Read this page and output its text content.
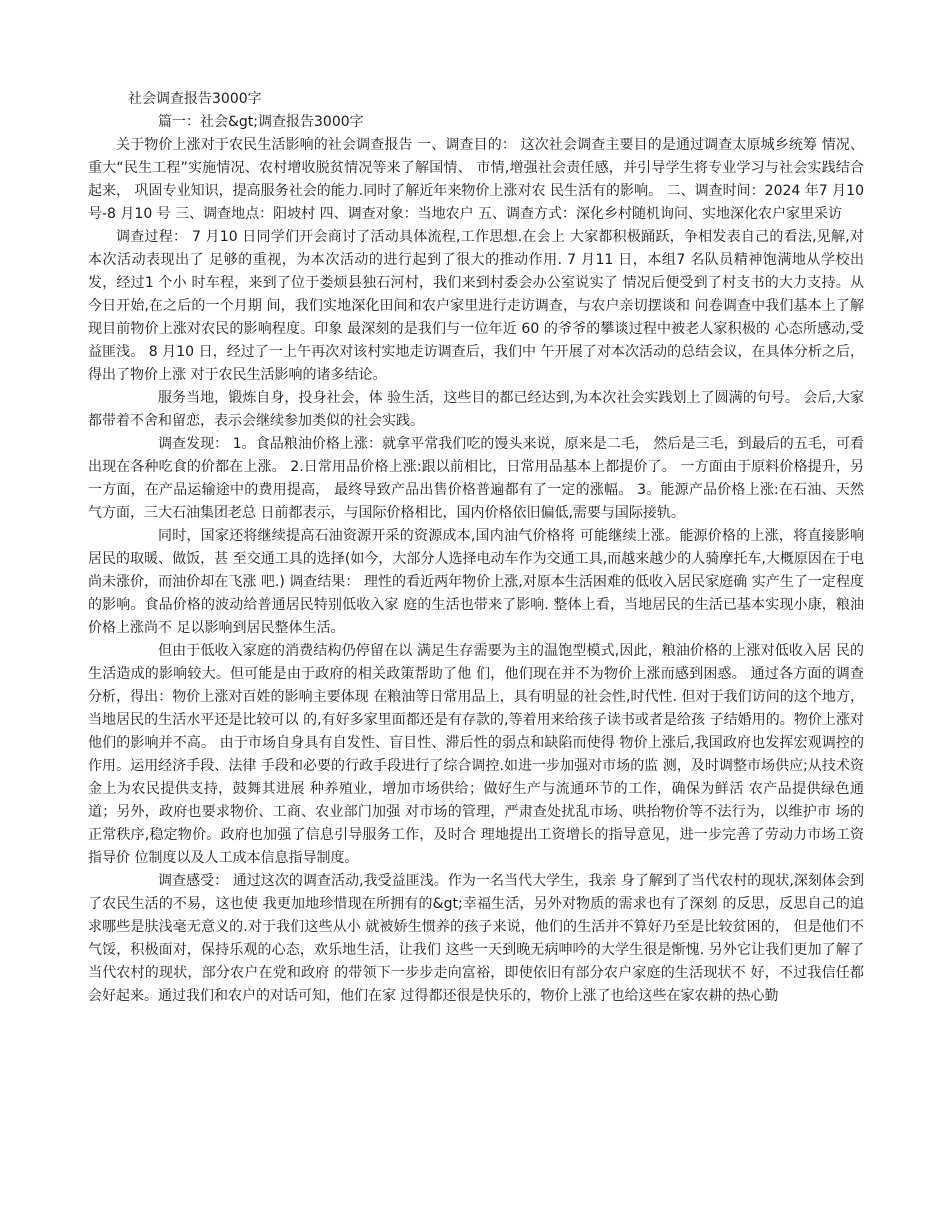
社会调查报告3000字

篇一：社会&gt;调查报告3000字

关于物价上涨对于农民生活影响的社会调查报告 一、调查目的： 这次社会调查主要目的是通过调查太原城乡统筹 情况、重大“民生工程”实施情况、农村增收脱贫情况等来了解国情、 市情,增强社会责任感，并引导学生将专业学习与社会实践结合起来， 巩固专业知识，提高服务社会的能力.同时了解近年来物价上涨对农 民生活有的影响。 二、调查时间：2024 年7 月10 号-8 月10 号 三、调查地点：阳坡村 四、调查对象：当地农户 五、调查方式：深化乡村随机询问、实地深化农户家里采访

调查过程： 7 月10 日同学们开会商讨了活动具体流程,工作思想.在会上 大家都积极踊跃，争相发表自己的看法,见解,对本次活动表现出了 足够的重视，为本次活动的进行起到了很大的推动作用. 7 月11 日，本组7 名队员精神饱满地从学校出发，经过1 个小 时车程，来到了位于娄烦县独石河村，我们来到村委会办公室说实了 情况后便受到了村支书的大力支持。从今日开始,在之后的一个月期 间，我们实地深化田间和农户家里进行走访调查，与农户亲切摆谈和 问卷调查中我们基本上了解现目前物价上涨对农民的影响程度。印象 最深刻的是我们与一位年近 60 的爷爷的攀谈过程中被老人家积极的 心态所感动,受益匪浅。 8 月10 日，经过了一上午再次对该村实地走访调查后，我们中 午开展了对本次活动的总结会议，在具体分析之后，得出了物价上涨 对于农民生活影响的诸多结论。

服务当地，锻炼自身，投身社会，体 验生活，这些目的都已经达到,为本次社会实践划上了圆满的句号。 会后,大家都带着不舍和留恋，表示会继续参加类似的社会实践。

调查发现： 1。食品粮油价格上涨：就拿平常我们吃的馒头来说，原来是二毛， 然后是三毛，到最后的五毛，可看出现在各种吃食的价都在上涨。 2.日常用品价格上涨:跟以前相比，日常用品基本上都提价了。 一方面由于原料价格提升，另一方面，在产品运输途中的费用提高， 最终导致产品出售价格普遍都有了一定的涨幅。 3。能源产品价格上涨:在石油、天然气方面，三大石油集团老总 日前都表示，与国际价格相比，国内价格依旧偏低,需要与国际接轨。

同时，国家还将继续提高石油资源开采的资源成本,国内油气价格将 可能继续上涨。能源价格的上涨，将直接影响居民的取暖、做饭，甚 至交通工具的选择(如今，大部分人选择电动车作为交通工具,而越来越少的人骑摩托车,大概原因在于电尚未涨价，而油价却在飞涨 吧.) 调查结果： 理性的看近两年物价上涨,对原本生活困难的低收入居民家庭确 实产生了一定程度的影响。食品价格的波动给普通居民特别低收入家 庭的生活也带来了影响. 整体上看，当地居民的生活已基本实现小康，粮油价格上涨尚不 足以影响到居民整体生活。

但由于低收入家庭的消费结构仍停留在以 满足生存需要为主的温饱型模式,因此，粮油价格的上涨对低收入居 民的生活造成的影响较大。但可能是由于政府的相关政策帮助了他 们，他们现在并不为物价上涨而感到困惑。 通过各方面的调查分析，得出：物价上涨对百姓的影响主要体现 在粮油等日常用品上，具有明显的社会性,时代性. 但对于我们访问的这个地方，当地居民的生活水平还是比较可以 的,有好多家里面都还是有存款的,等着用来给孩子读书或者是给孩 子结婚用的。物价上涨对他们的影响并不高。 由于市场自身具有自发性、盲目性、滞后性的弱点和缺陷而使得 物价上涨后,我国政府也发挥宏观调控的作用。运用经济手段、法律 手段和必要的行政手段进行了综合调控.如进一步加强对市场的监 测，及时调整市场供应;从技术资金上为农民提供支持，鼓舞其进展 种养殖业，增加市场供给；做好生产与流通环节的工作，确保为鲜活 农产品提供绿色通道；另外，政府也要求物价、工商、农业部门加强 对市场的管理，严肃查处扰乱市场、哄抬物价等不法行为，以维护市 场的正常秩序,稳定物价。政府也加强了信息引导服务工作，及时合 理地提出工资增长的指导意见，进一步完善了劳动力市场工资指导价 位制度以及人工成本信息指导制度。

调查感受： 通过这次的调查活动,我受益匪浅。作为一名当代大学生，我亲 身了解到了当代农村的现状,深刻体会到了农民生活的不易，这也使 我更加地珍惜现在所拥有的&gt;幸福生活，另外对物质的需求也有了深刻 的反思，反思自己的追求哪些是肤浅毫无意义的.对于我们这些从小 就被娇生惯养的孩子来说，他们的生活并不算好乃至是比较贫困的， 但是他们不气馁，积极面对，保持乐观的心态，欢乐地生活，让我们 这些一天到晚无病呻吟的大学生很是惭愧. 另外它让我们更加了解了当代农村的现状，部分农户在党和政府 的带领下一步步走向富裕，即使依旧有部分农户家庭的生活现状不 好，不过我信任都会好起来。通过我们和农户的对话可知，他们在家 过得都还很是快乐的，物价上涨了也给这些在家农耕的热心勤
